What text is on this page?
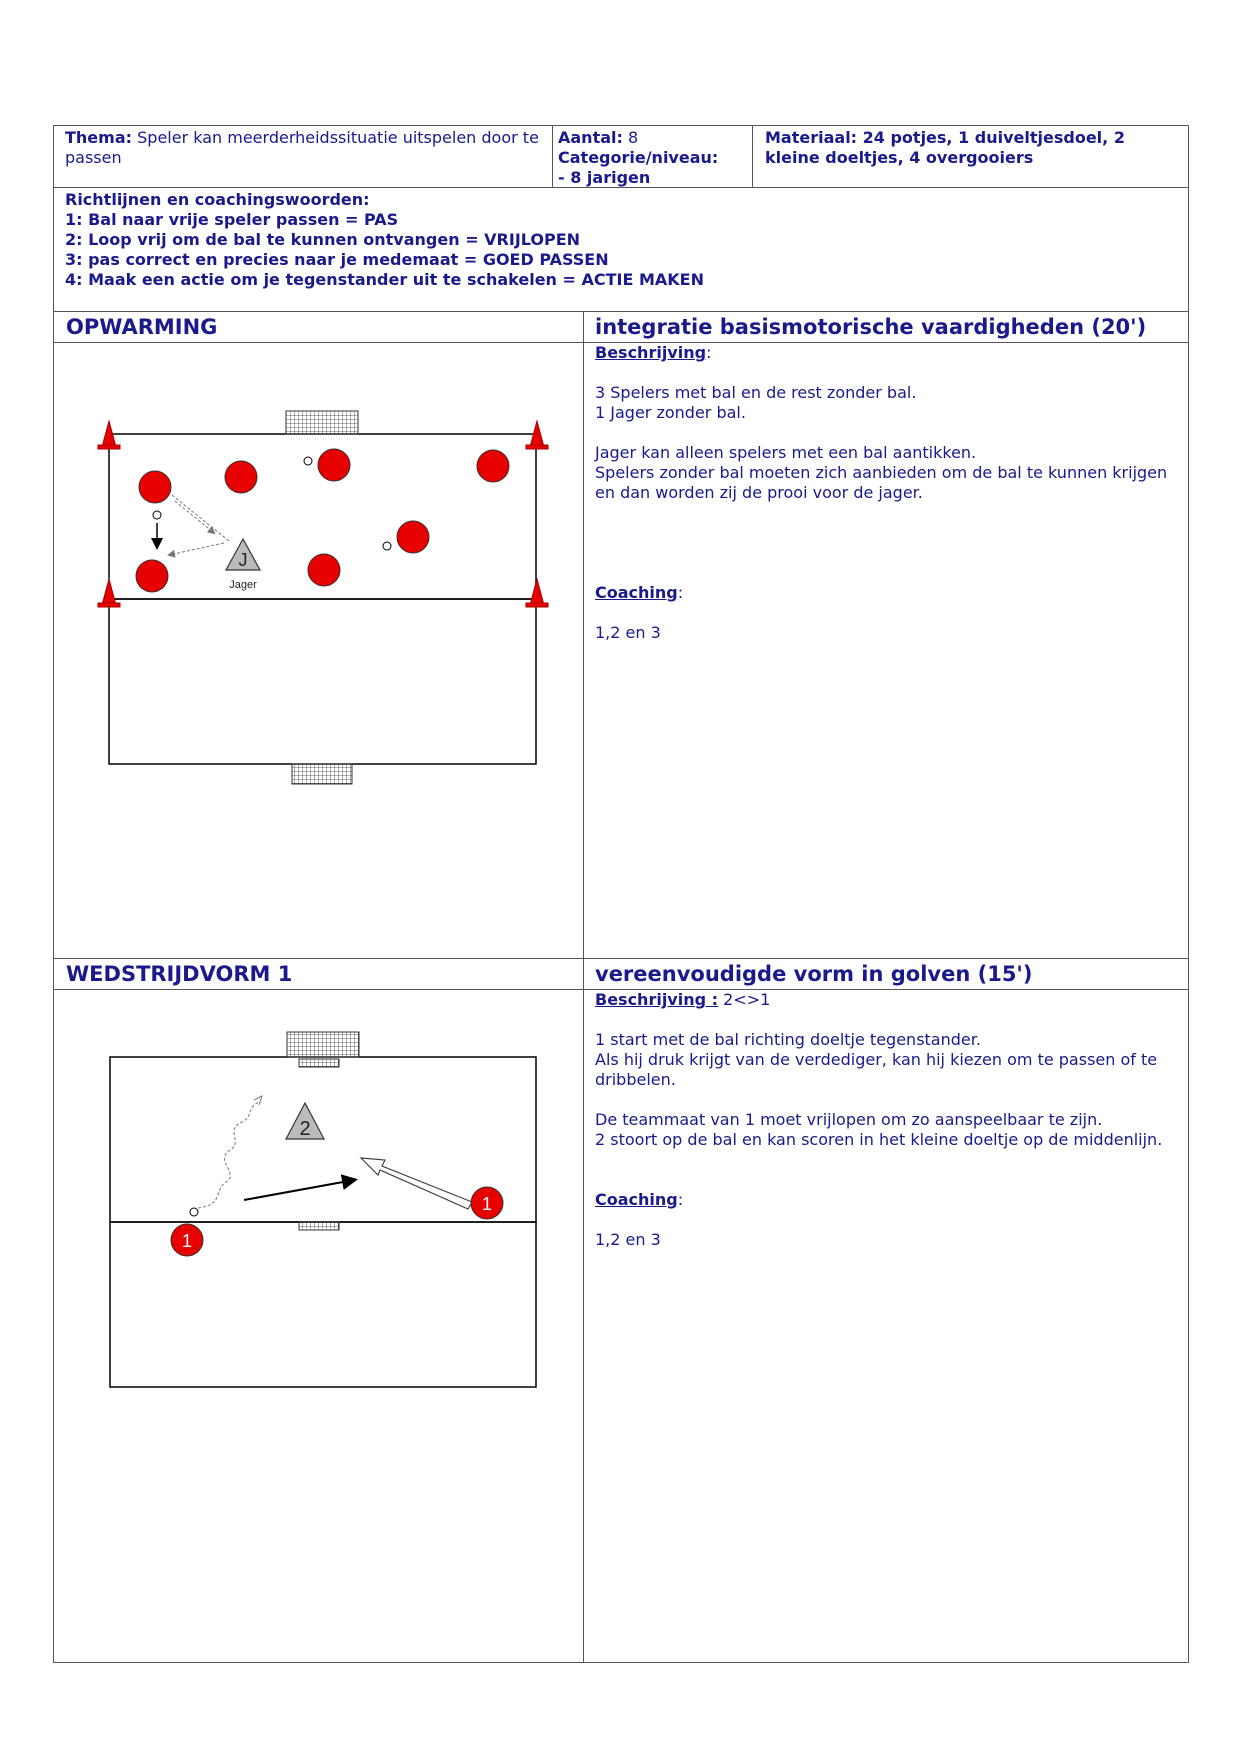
Thema: Speler kan meerderheidssituatie uitspelen door te passen
Aantal: 8
Categorie/niveau:
- 8 jarigen
Materiaal: 24 potjes, 1 duiveltjesdoel, 2 kleine doeltjes, 4 overgooiers
Richtlijnen en coachingswoorden:
1: Bal naar vrije speler passen = PAS
2: Loop vrij om de bal te kunnen ontvangen = VRIJLOPEN
3: pas correct en precies naar je medemaat = GOED PASSEN
4: Maak een actie om je tegenstander uit te schakelen = ACTIE MAKEN
OPWARMING	integratie basismotorische vaardigheden (20')
J
Jager

Beschrijving:

3 Spelers met bal en de rest zonder bal.

1 Jager zonder bal.

Jager kan alleen spelers met een bal aantikken.

Spelers zonder bal moeten zich aanbieden om de bal te kunnen krijgen en dan worden zij de prooi voor de jager.

Coaching:

1,2 en 3

WEDSTRIJDVORM 1	vereenvoudigde vorm in golven (15')
2
1
1

Beschrijving : 2<>1

1 start met de bal richting doeltje tegenstander.

Als hij druk krijgt van de verdediger, kan hij kiezen om te passen of te dribbelen.

De teammaat van 1 moet vrijlopen om zo aanspeelbaar te zijn.

2 stoort op de bal en kan scoren in het kleine doeltje op de middenlijn.

Coaching:

1,2 en 3
